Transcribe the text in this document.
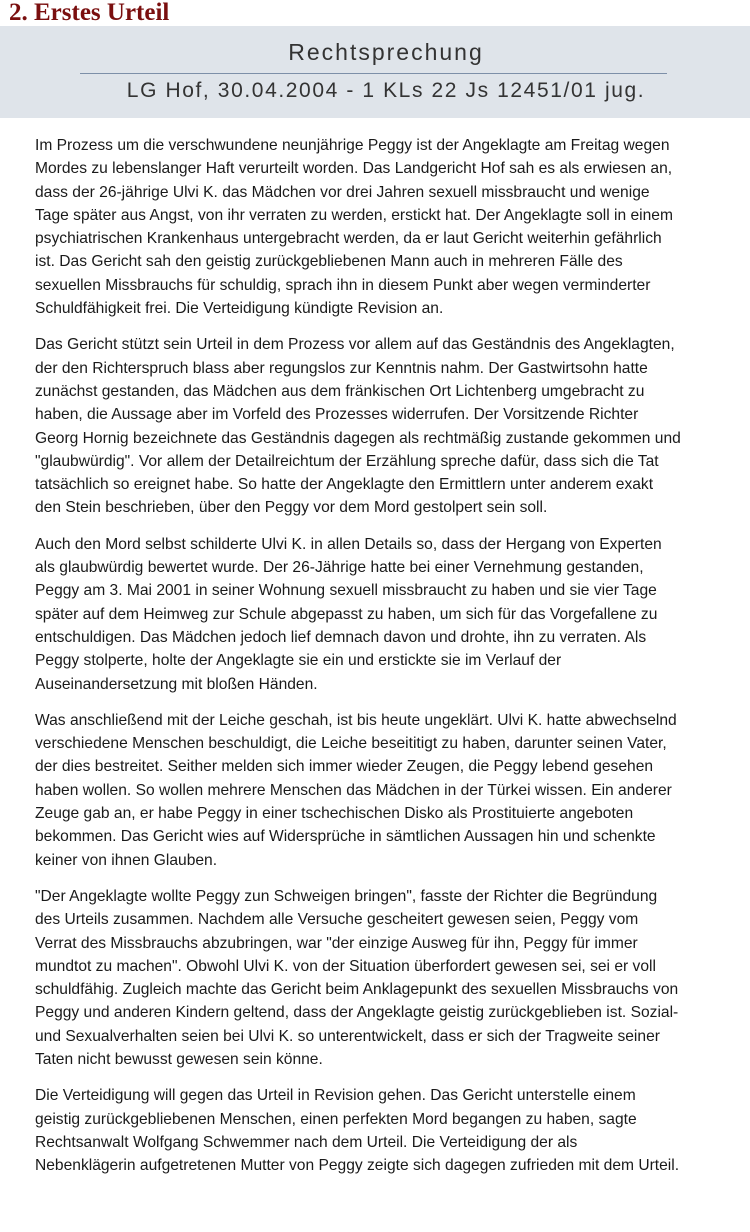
2. Erstes Urteil
Rechtsprechung
LG Hof, 30.04.2004 - 1 KLs 22 Js 12451/01 jug.

Im Prozess um die verschwundene neunjährige Peggy ist der Angeklagte am Freitag wegen
Mordes zu lebenslanger Haft verurteilt worden. Das Landgericht Hof sah es als erwiesen an,
dass der 26-jährige Ulvi K. das Mädchen vor drei Jahren sexuell missbraucht und wenige
Tage später aus Angst, von ihr verraten zu werden, erstickt hat. Der Angeklagte soll in einem
psychiatrischen Krankenhaus untergebracht werden, da er laut Gericht weiterhin gefährlich
ist. Das Gericht sah den geistig zurückgebliebenen Mann auch in mehreren Fälle des
sexuellen Missbrauchs für schuldig, sprach ihn in diesem Punkt aber wegen verminderter
Schuldfähigkeit frei. Die Verteidigung kündigte Revision an.

Das Gericht stützt sein Urteil in dem Prozess vor allem auf das Geständnis des Angeklagten,
der den Richterspruch blass aber regungslos zur Kenntnis nahm. Der Gastwirtsohn hatte
zunächst gestanden, das Mädchen aus dem fränkischen Ort Lichtenberg umgebracht zu
haben, die Aussage aber im Vorfeld des Prozesses widerrufen. Der Vorsitzende Richter
Georg Hornig bezeichnete das Geständnis dagegen als rechtmäßig zustande gekommen und
"glaubwürdig". Vor allem der Detailreichtum der Erzählung spreche dafür, dass sich die Tat
tatsächlich so ereignet habe. So hatte der Angeklagte den Ermittlern unter anderem exakt
den Stein beschrieben, über den Peggy vor dem Mord gestolpert sein soll.

Auch den Mord selbst schilderte Ulvi K. in allen Details so, dass der Hergang von Experten
als glaubwürdig bewertet wurde. Der 26-Jährige hatte bei einer Vernehmung gestanden,
Peggy am 3. Mai 2001 in seiner Wohnung sexuell missbraucht zu haben und sie vier Tage
später auf dem Heimweg zur Schule abgepasst zu haben, um sich für das Vorgefallene zu
entschuldigen. Das Mädchen jedoch lief demnach davon und drohte, ihn zu verraten. Als
Peggy stolperte, holte der Angeklagte sie ein und erstickte sie im Verlauf der
Auseinandersetzung mit bloßen Händen.

Was anschließend mit der Leiche geschah, ist bis heute ungeklärt. Ulvi K. hatte abwechselnd
verschiedene Menschen beschuldigt, die Leiche beseititigt zu haben, darunter seinen Vater,
der dies bestreitet. Seither melden sich immer wieder Zeugen, die Peggy lebend gesehen
haben wollen. So wollen mehrere Menschen das Mädchen in der Türkei wissen. Ein anderer
Zeuge gab an, er habe Peggy in einer tschechischen Disko als Prostituierte angeboten
bekommen. Das Gericht wies auf Widersprüche in sämtlichen Aussagen hin und schenkte
keiner von ihnen Glauben.

"Der Angeklagte wollte Peggy zun Schweigen bringen", fasste der Richter die Begründung
des Urteils zusammen. Nachdem alle Versuche gescheitert gewesen seien, Peggy vom
Verrat des Missbrauchs abzubringen, war "der einzige Ausweg für ihn, Peggy für immer
mundtot zu machen". Obwohl Ulvi K. von der Situation überfordert gewesen sei, sei er voll
schuldfähig. Zugleich machte das Gericht beim Anklagepunkt des sexuellen Missbrauchs von
Peggy und anderen Kindern geltend, dass der Angeklagte geistig zurückgeblieben ist. Sozial-
und Sexualverhalten seien bei Ulvi K. so unterentwickelt, dass er sich der Tragweite seiner
Taten nicht bewusst gewesen sein könne.

Die Verteidigung will gegen das Urteil in Revision gehen. Das Gericht unterstelle einem
geistig zurückgebliebenen Menschen, einen perfekten Mord begangen zu haben, sagte
Rechtsanwalt Wolfgang Schwemmer nach dem Urteil. Die Verteidigung der als
Nebenklägerin aufgetretenen Mutter von Peggy zeigte sich dagegen zufrieden mit dem Urteil.
